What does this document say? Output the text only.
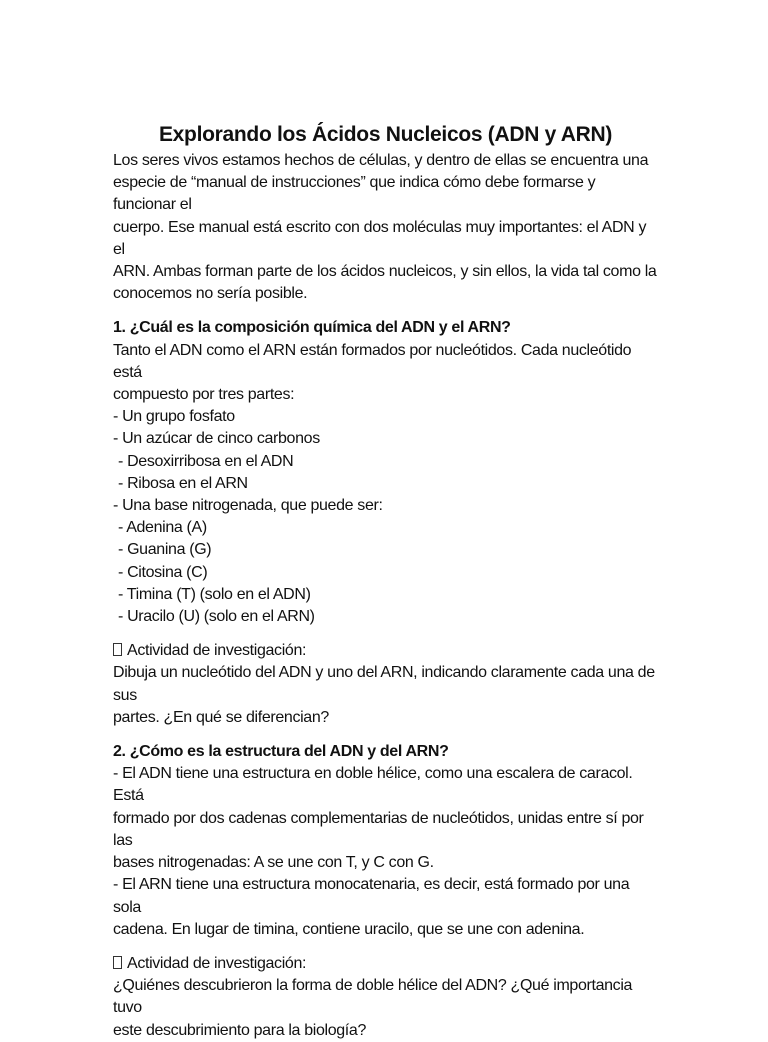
Explorando los Ácidos Nucleicos (ADN y ARN)

Los seres vivos estamos hechos de células, y dentro de ellas se encuentra una

especie de “manual de instrucciones” que indica cómo debe formarse y funcionar el

cuerpo. Ese manual está escrito con dos moléculas muy importantes: el ADN y el

ARN. Ambas forman parte de los ácidos nucleicos, y sin ellos, la vida tal como la

conocemos no sería posible.

1. ¿Cuál es la composición química del ADN y el ARN?

Tanto el ADN como el ARN están formados por nucleótidos. Cada nucleótido está

compuesto por tres partes:

- Un grupo fosfato

- Un azúcar de cinco carbonos

- Desoxirribosa en el ADN

- Ribosa en el ARN

- Una base nitrogenada, que puede ser:

- Adenina (A)

- Guanina (G)

- Citosina (C)

- Timina (T) (solo en el ADN)

- Uracilo (U) (solo en el ARN)

Actividad de investigación:

Dibuja un nucleótido del ADN y uno del ARN, indicando claramente cada una de sus

partes. ¿En qué se diferencian?

2. ¿Cómo es la estructura del ADN y del ARN?

- El ADN tiene una estructura en doble hélice, como una escalera de caracol. Está

formado por dos cadenas complementarias de nucleótidos, unidas entre sí por las

bases nitrogenadas: A se une con T, y C con G.

- El ARN tiene una estructura monocatenaria, es decir, está formado por una sola

cadena. En lugar de timina, contiene uracilo, que se une con adenina.

Actividad de investigación:

¿Quiénes descubrieron la forma de doble hélice del ADN? ¿Qué importancia tuvo

este descubrimiento para la biología?
